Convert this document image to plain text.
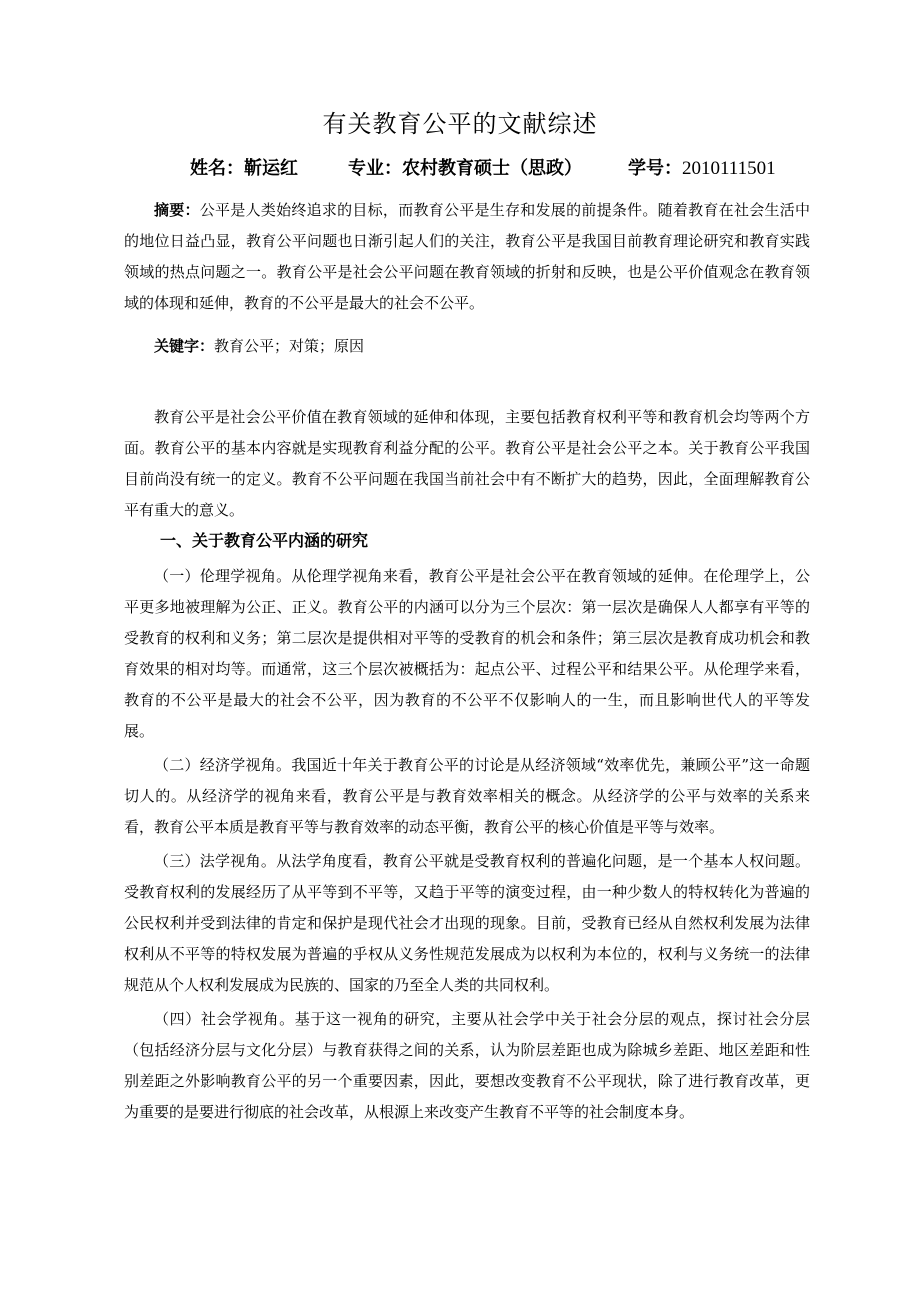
有关教育公平的文献综述
姓名：靳运红	专业：农村教育硕士（思政）	学号：2010111501
摘要：公平是人类始终追求的目标，而教育公平是生存和发展的前提条件。随着教育在社会生活中的地位日益凸显，教育公平问题也日渐引起人们的关注，教育公平是我国目前教育理论研究和教育实践领域的热点问题之一。教育公平是社会公平问题在教育领域的折射和反映，也是公平价值观念在教育领域的体现和延伸，教育的不公平是最大的社会不公平。
关键字：教育公平；对策；原因
教育公平是社会公平价值在教育领域的延伸和体现，主要包括教育权利平等和教育机会均等两个方面。教育公平的基本内容就是实现教育利益分配的公平。教育公平是社会公平之本。关于教育公平我国目前尚没有统一的定义。教育不公平问题在我国当前社会中有不断扩大的趋势，因此，全面理解教育公平有重大的意义。
一、关于教育公平内涵的研究

（一）伦理学视角。从伦理学视角来看，教育公平是社会公平在教育领域的延伸。在伦理学上，公平更多地被理解为公正、正义。教育公平的内涵可以分为三个层次：第一层次是确保人人都享有平等的受教育的权利和义务；第二层次是提供相对平等的受教育的机会和条件；第三层次是教育成功机会和教育效果的相对均等。而通常，这三个层次被概括为：起点公平、过程公平和结果公平。从伦理学来看，教育的不公平是最大的社会不公平，因为教育的不公平不仅影响人的一生，而且影响世代人的平等发展。

（二）经济学视角。我国近十年关于教育公平的讨论是从经济领域“效率优先，兼顾公平”这一命题切人的。从经济学的视角来看，教育公平是与教育效率相关的概念。从经济学的公平与效率的关系来看，教育公平本质是教育平等与教育效率的动态平衡，教育公平的核心价值是平等与效率。

（三）法学视角。从法学角度看，教育公平就是受教育权利的普遍化问题，是一个基本人权问题。受教育权利的发展经历了从平等到不平等，又趋于平等的演变过程，由一种少数人的特权转化为普遍的公民权利并受到法律的肯定和保护是现代社会才出现的现象。目前，受教育已经从自然权利发展为法律权利从不平等的特权发展为普遍的乎权从义务性规范发展成为以权利为本位的，权利与义务统一的法律规范从个人权利发展成为民族的、国家的乃至全人类的共同权利。

（四）社会学视角。基于这一视角的研究，主要从社会学中关于社会分层的观点，探讨社会分层（包括经济分层与文化分层）与教育获得之间的关系，认为阶层差距也成为除城乡差距、地区差距和性别差距之外影响教育公平的另一个重要因素，因此，要想改变教育不公平现状，除了进行教育改革，更为重要的是要进行彻底的社会改革，从根源上来改变产生教育不平等的社会制度本身。
